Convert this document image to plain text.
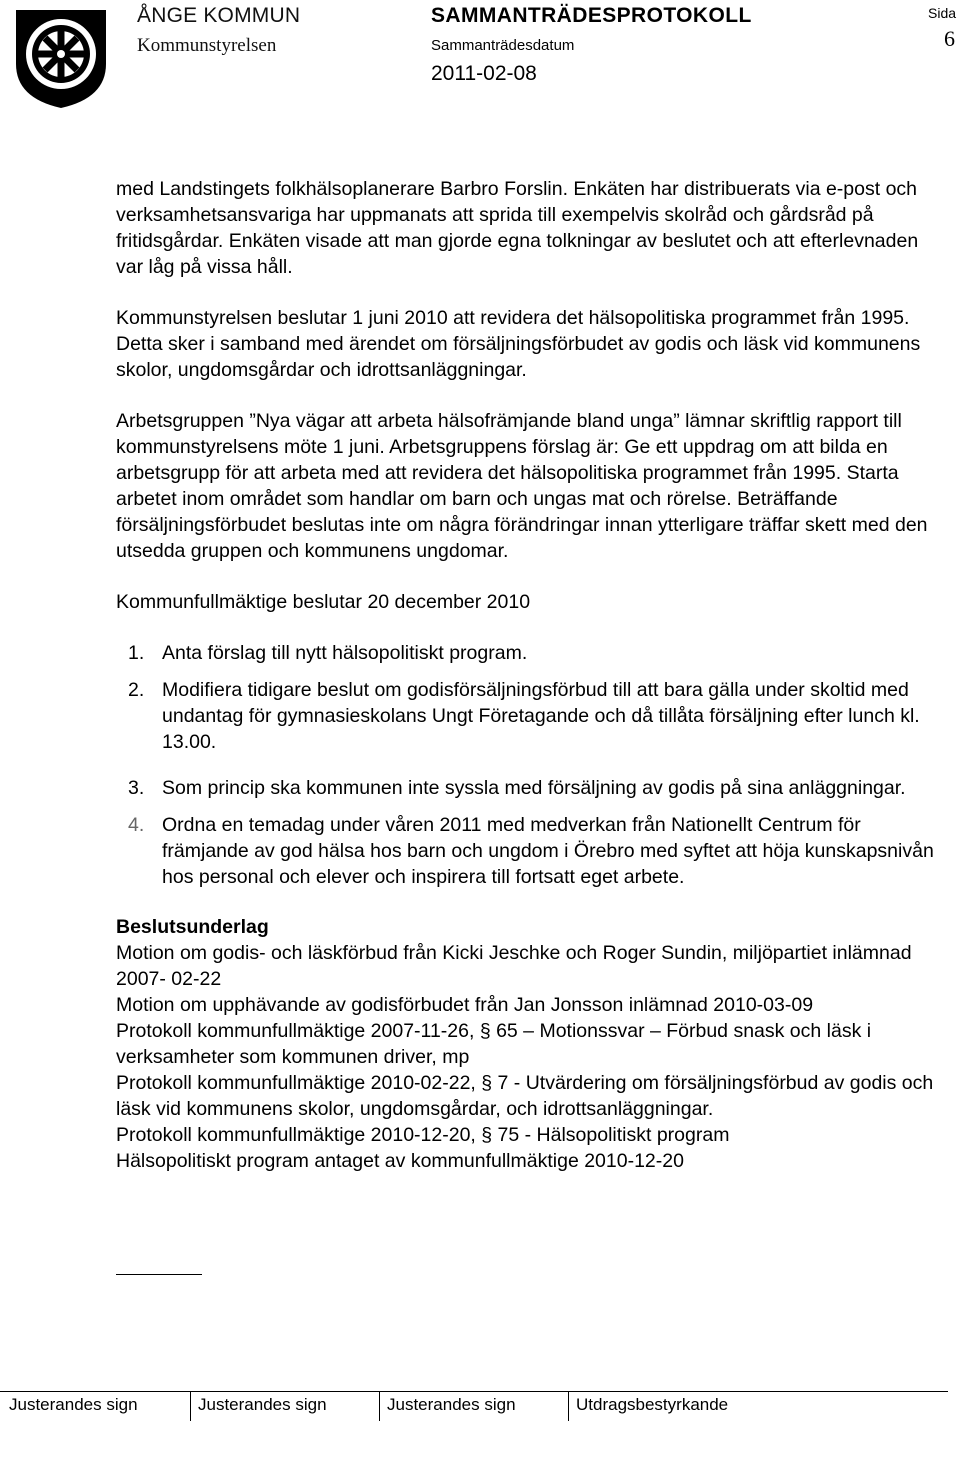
ÅNGE KOMMUN
Kommunstyrelsen
SAMMANTRÄDESPROTOKOLL
Sammanträdesdatum
2011-02-08
Sida
6

med Landstingets folkhälsoplanerare Barbro Forslin. Enkäten har distribuerats via e-post och verksamhetsansvariga har uppmanats att sprida till exempelvis skolråd och gårdsråd på fritidsgårdar. Enkäten visade att man gjorde egna tolkningar av beslutet och att efterlevnaden var låg på vissa håll.

Kommunstyrelsen beslutar 1 juni 2010 att revidera det hälsopolitiska programmet från 1995. Detta sker i samband med ärendet om försäljningsförbudet av godis och läsk vid kommunens skolor, ungdomsgårdar och idrottsanläggningar.

Arbetsgruppen ”Nya vägar att arbeta hälsofrämjande bland unga” lämnar skriftlig rapport till kommunstyrelsens möte 1 juni. Arbetsgruppens förslag är: Ge ett uppdrag om att bilda en arbetsgrupp för att arbeta med att revidera det hälsopolitiska programmet från 1995. Starta arbetet inom området som handlar om barn och ungas mat och rörelse. Beträffande försäljningsförbudet beslutas inte om några förändringar innan ytterligare träffar skett med den utsedda gruppen och kommunens ungdomar.

Kommunfullmäktige beslutar 20 december 2010

1. Anta förslag till nytt hälsopolitiskt program.
2. Modifiera tidigare beslut om godisförsäljningsförbud till att bara gälla under skoltid med undantag för gymnasieskolans Ungt Företagande och då tillåta försäljning efter lunch kl. 13.00.
3. Som princip ska kommunen inte syssla med försäljning av godis på sina anläggningar.
4. Ordna en temadag under våren 2011 med medverkan från Nationellt Centrum för främjande av god hälsa hos barn och ungdom i Örebro med syftet att höja kunskapsnivån hos personal och elever och inspirera till fortsatt eget arbete.
Beslutsunderlag
Motion om godis- och läskförbud från Kicki Jeschke och Roger Sundin, miljöpartiet inlämnad 2007- 02-22
Motion om upphävande av godisförbudet från Jan Jonsson inlämnad 2010-03-09
Protokoll kommunfullmäktige 2007-11-26, § 65 – Motionssvar – Förbud snask och läsk i verksamheter som kommunen driver, mp
Protokoll kommunfullmäktige 2010-02-22, § 7 - Utvärdering om försäljningsförbud av godis och läsk vid kommunens skolor, ungdomsgårdar, och idrottsanläggningar.
Protokoll kommunfullmäktige 2010-12-20, § 75 - Hälsopolitiskt program
Hälsopolitiskt program antaget av kommunfullmäktige 2010-12-20
Justerandes sign	Justerandes sign	Justerandes sign	Utdragsbestyrkande
